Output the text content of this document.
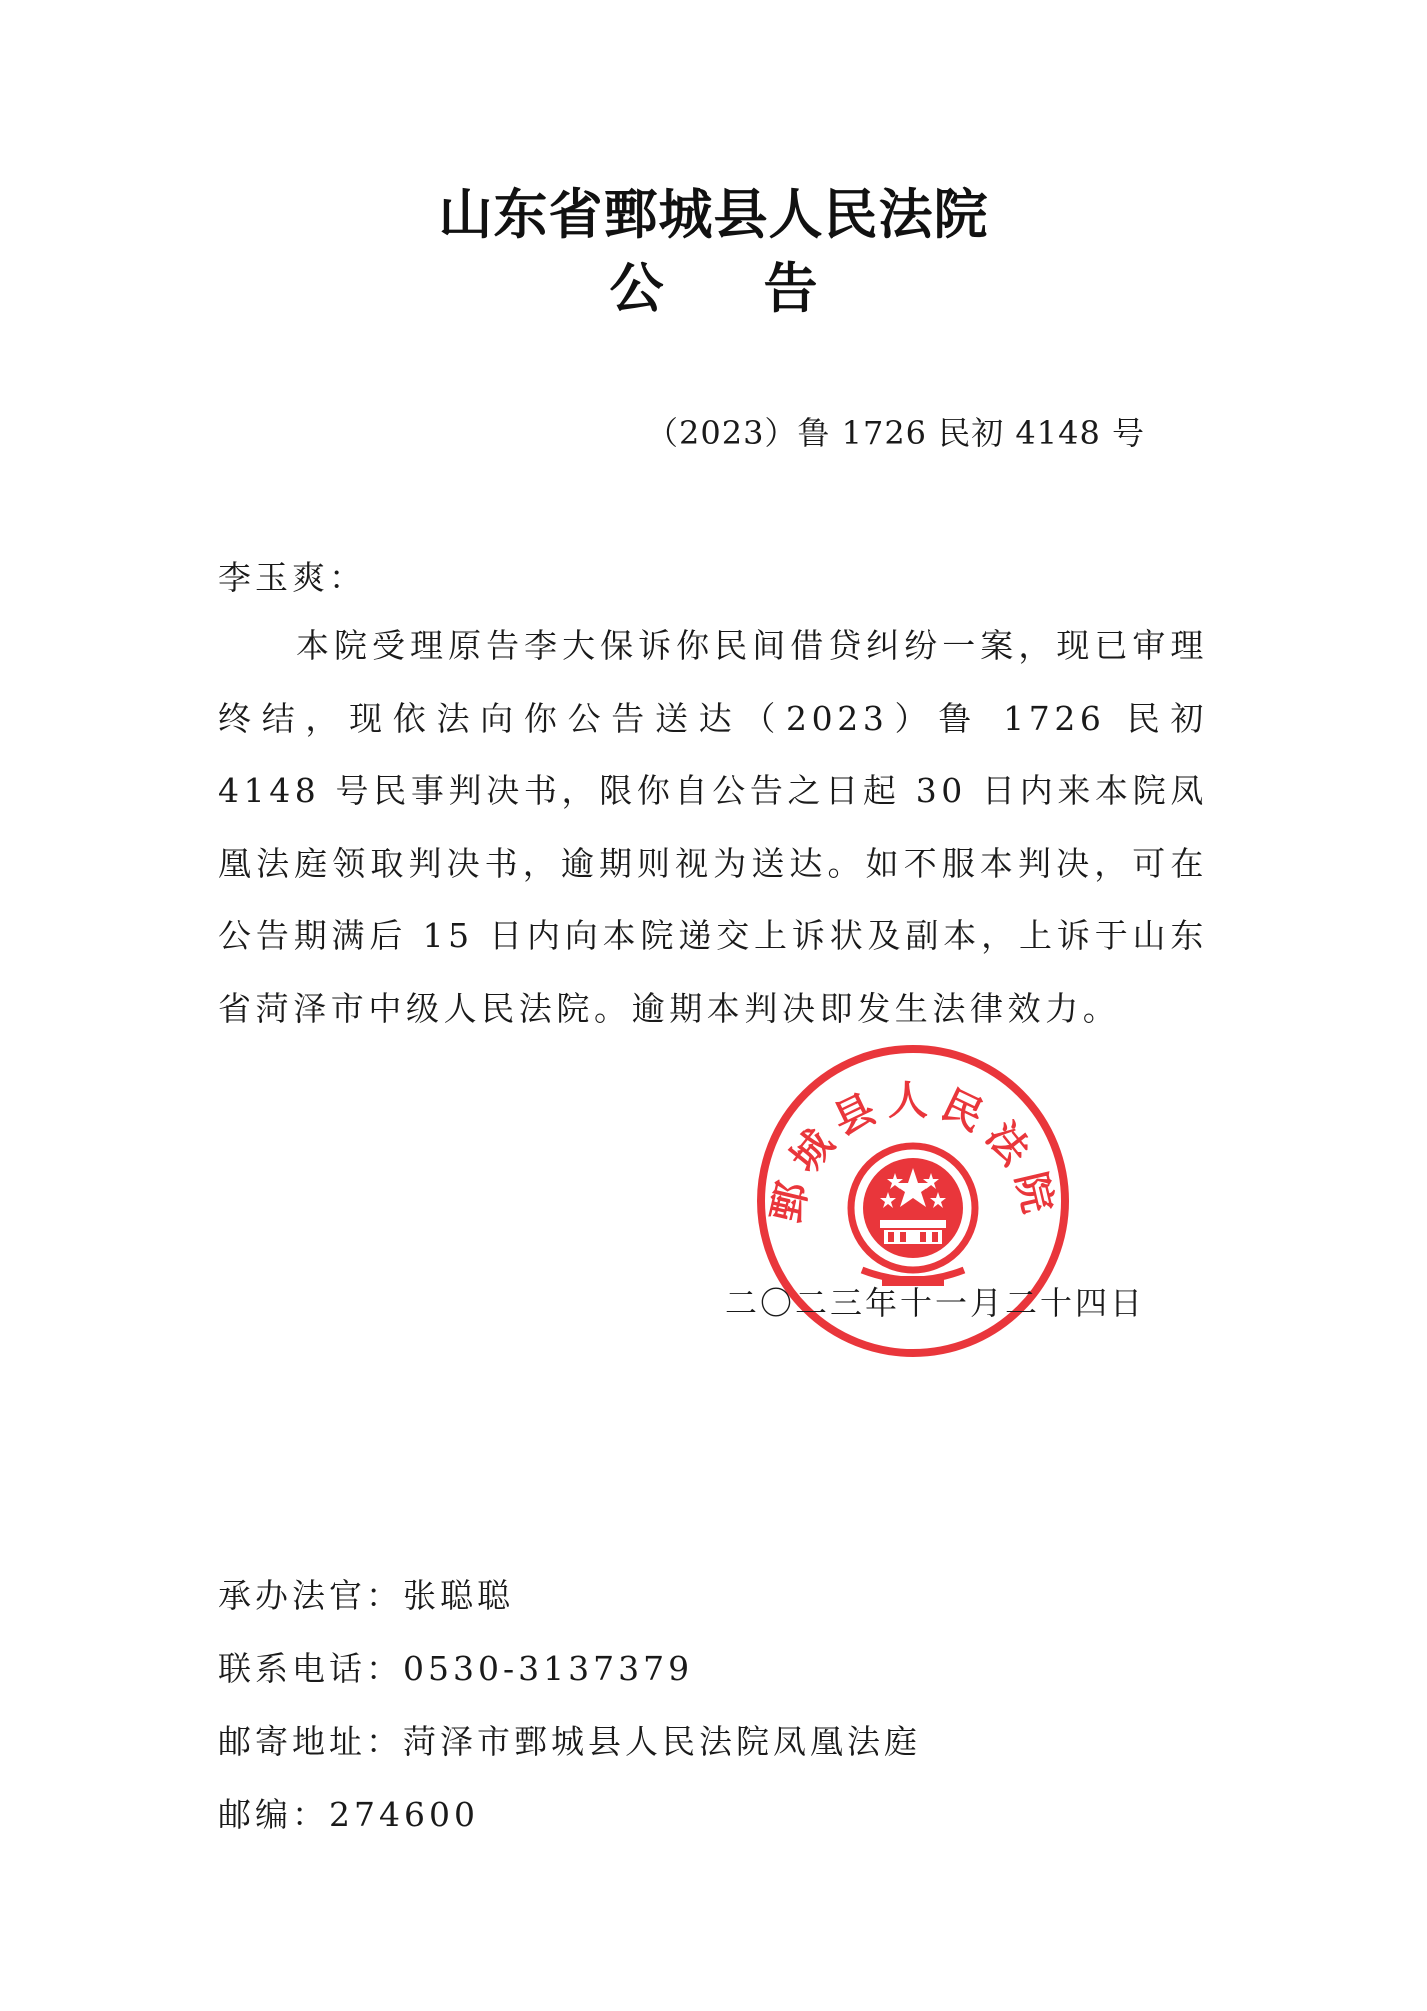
山东省鄄城县人民法院
公告
（2023）鲁 1726 民初 4148 号
李玉爽：
本院受理原告李大保诉你民间借贷纠纷一案，现已审理终结，现依法向你公告送达（2023）鲁 1726 民初 4148 号民事判决书，限你自公告之日起 30 日内来本院凤凰法庭领取判决书，逾期则视为送达。如不服本判决，可在公告期满后 15 日内向本院递交上诉状及副本，上诉于山东省菏泽市中级人民法院。逾期本判决即发生法律效力。
鄄城县人民法院
二〇二三年十一月二十四日
承办法官：张聪聪
联系电话：0530-3137379
邮寄地址：菏泽市鄄城县人民法院凤凰法庭
邮编：274600
